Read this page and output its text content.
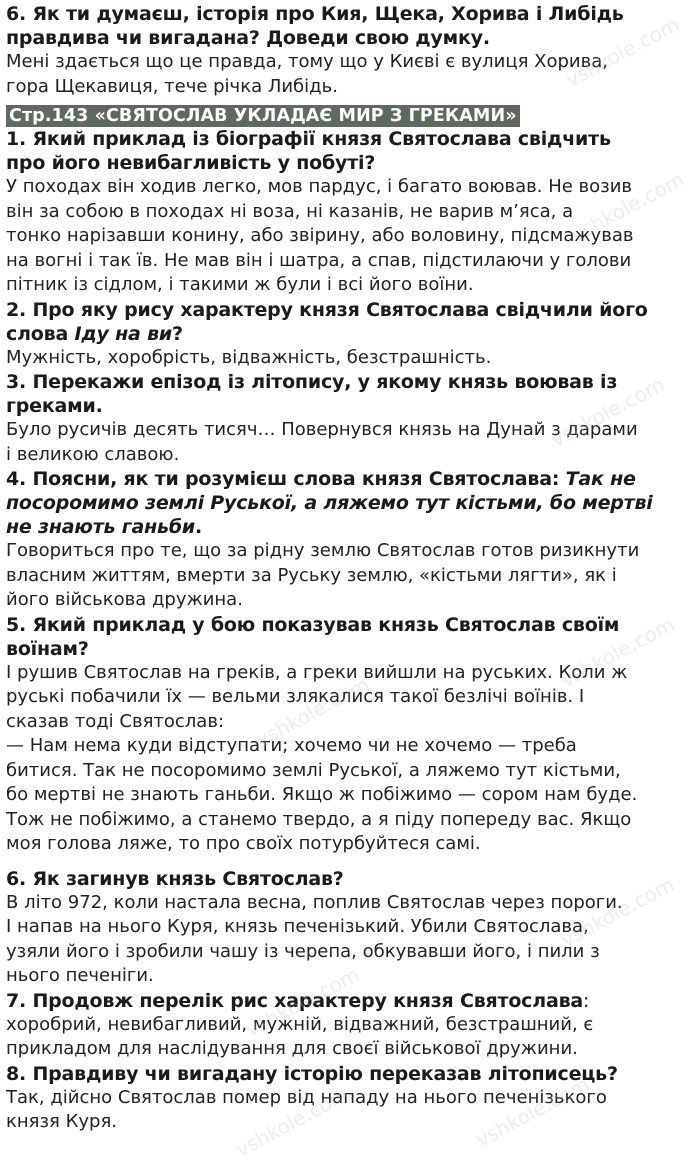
6. Як ти думаєш, історія про Кия, Щека, Хорива і Либідь
правдива чи вигадана? Доведи свою думку.

Мені здається що це правда, тому що у Києві є вулиця Хорива,
гора Щекавиця, тече річка Либідь.

Стр.143 «СВЯТОСЛАВ УКЛАДАЄ МИР З ГРЕКАМИ»

1. Який приклад із біографії князя Святослава свідчить
про його невибагливість у побуті?

У походах він ходив легко, мов пардус, і багато воював. Не возив
він за собою в походах ні воза, ні казанів, не варив м’яса, а
тонко нарізавши конину, або звірину, або воловину, підсмажував
на вогні і так їв. Не мав він і шатра, а спав, підстилаючи у голови
пітник із сідлом, і такими ж були і всі його воїни.

2. Про яку рису характеру князя Святослава свідчили його
слова Іду на ви?

Мужність, хоробрість, відважність, безстрашність.

3. Перекажи епізод із літопису, у якому князь воював із
греками.

Було русичів десять тисяч… Повернувся князь на Дунай з дарами
і великою славою.

4. Поясни, як ти розумієш слова князя Святослава: Так не
посоромимо землі Руської, а ляжемо тут кістьми, бо мертві
не знають ганьби.

Говориться про те, що за рідну землю Святослав готов ризикнути
власним життям, вмерти за Руську землю, «кістьми лягти», як і
його військова дружина.

5. Який приклад у бою показував князь Святослав своїм
воїнам?

І рушив Святослав на греків, а греки вийшли на руських. Коли ж
руські побачили їх — вельми злякалися такої безлічі воїнів. І
сказав тоді Святослав:
— Нам нема куди відступати; хочемо чи не хочемо — треба
битися. Так не посоромимо землі Руської, а ляжемо тут кістьми,
бо мертві не знають ганьби. Якщо ж побіжимо — сором нам буде.
Тож не побіжимо, а станемо твердо, а я піду попереду вас. Якщо
моя голова ляже, то про своїх потурбуйтеся самі.

6. Як загинув князь Святослав?

В літо 972, коли настала весна, поплив Святослав через пороги.
І напав на нього Куря, князь печенізький. Убили Святослава,
узяли його і зробили чашу із черепа, обкувавши його, і пили з
нього печеніги.

7. Продовж перелік рис характеру князя Святослава:

хоробрий, невибагливий, мужній, відважний, безстрашний, є
прикладом для наслідування для своєї військової дружини.

8. Правдиву чи вигадану історію переказав літописець?

Так, дійсно Святослав помер від нападу на нього печенізького
князя Куря.

vshkole.com
vshkole.com
vshkole.com
vshkole.com
vshkole.com
vshkole.com
vshkole.com
vshkole.com
vshkole.com
